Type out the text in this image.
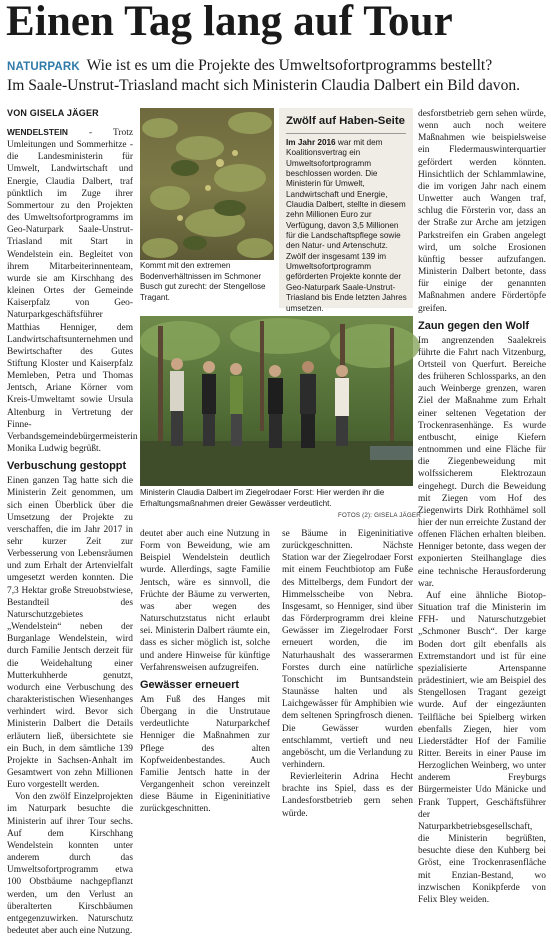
Einen Tag lang auf Tour
NATURPARK Wie ist es um die Projekte des Umweltsofortprogramms bestellt?
Im Saale-Unstrut-Triasland macht sich Ministerin Claudia Dalbert ein Bild davon.
VON GISELA JÄGER

WENDELSTEIN - Trotz Umleitungen und Sommerhitze - die Landesministerin für Umwelt, Landwirtschaft und Energie, Claudia Dalbert, traf pünktlich im Zuge ihrer Sommertour zu den Projekten des Umweltsofortprogramms im Geo-Naturpark Saale-Unstrut-Triasland mit Start in Wendelstein ein. Begleitet von ihrem Mitarbeiterinnenteam, wurde sie am Kirschhang des kleinen Ortes der Gemeinde Kaiserpfalz von Geo-Naturparkgeschäftsführer Matthias Henniger, dem Landwirtschaftsunternehmen und Bewirtschafter des Gutes Stiftung Kloster und Kaiserpfalz Memleben, Petra und Thomas Jentsch, Ariane Körner vom Kreis-Umweltamt sowie Ursula Altenburg in Vertretung der Finne-Verbandsgemeindebürgermeisterin Monika Ludwig begrüßt.

Verbuschung gestoppt

Einen ganzen Tag hatte sich die Ministerin Zeit genommen, um sich einen Überblick über die Umsetzung der Projekte zu verschaffen, die im Jahr 2017 in sehr kurzer Zeit zur Verbesserung von Lebensräumen und zum Erhalt der Artenvielfalt umgesetzt werden konnten. Die 7,3 Hektar große Streuobstwiese, Bestandteil des Naturschutzgebietes „Wendelstein“ neben der Burganlage Wendelstein, wird durch Familie Jentsch derzeit für die Weidehaltung einer Mutterkuhherde genutzt, wodurch eine Verbuschung des charakteristischen Wiesenhanges verhindert wird. Bevor sich Ministerin Dalbert die Details erläutern ließ, übersichtete sie ein Buch, in dem sämtliche 139 Projekte in Sachsen-Anhalt im Gesamtwert von zehn Millionen Euro vorgestellt werden.

Von den zwölf Einzelprojekten im Naturpark besuchte die Ministerin auf ihrer Tour sechs. Auf dem Kirschhang Wendelstein konnten unter anderem durch das Umweltsofortprogramm etwa 100 Obstbäume nachgepflanzt werden, um den Verlust an überalterten Kirschbäumen entgegenzuwirken. Naturschutz bedeutet aber auch eine Nutzung.

Kommt mit den extremen Bodenverhältnissen im Schmoner Busch gut zurecht: der Stengellose Tragant.
Zwölf auf Haben-Seite
Im Jahr 2016 war mit dem Koalitionsvertrag ein Umweltsofortprogramm beschlossen worden. Die Ministerin für Umwelt, Landwirtschaft und Energie, Claudia Dalbert, stellte in diesem zehn Millionen Euro zur Verfügung, davon 3,5 Millionen für die Landschaftspflege sowie den Natur- und Artenschutz. Zwölf der insgesamt 139 im Umweltsofortprogramm geförderten Projekte konnte der Geo-Naturpark Saale-Unstrut-Triasland bis Ende letzten Jahres umsetzen.
Ministerin Claudia Dalbert im Ziegelrodaer Forst: Hier werden ihr die Erhaltungsmaßnahmen dreier Gewässer verdeutlicht.
FOTOS (2): GISELA JÄGER

deutet aber auch eine Nutzung in Form von Beweidung, wie am Beispiel Wendelstein deutlich wurde. Allerdings, sagte Familie Jentsch, wäre es sinnvoll, die Früchte der Bäume zu verwerten, was aber wegen des Naturschutzstatus nicht erlaubt sei. Ministerin Dalbert räumte ein, dass es sicher möglich ist, solche und andere Hinweise für künftige Verfahrensweisen aufzugreifen.

Gewässer erneuert

Am Fuß des Hanges mit Übergang in die Unstrutaue verdeutlichte Naturparkchef Henniger die Maßnahmen zur Pflege des alten Kopfweidenbestandes. Auch Familie Jentsch hatte in der Vergangenheit schon vereinzelt diese Bäume in Eigeninitiative zurückgeschnitten.

se Bäume in Eigeninitiative zurückgeschnitten. Nächste Station war der Ziegelrodaer Forst mit einem Feuchtbiotop am Fuße des Mittelbergs, dem Fundort der Himmelsscheibe von Nebra. Insgesamt, so Henniger, sind über das Förderprogramm drei kleine Gewässer im Ziegelrodaer Forst erneuert worden, die im Naturhaushalt des wasserarmen Forstes durch eine natürliche Tonschicht im Buntsandstein Staunässe halten und als Laichgewässer für Amphibien wie dem seltenen Springfrosch dienen. Die Gewässer wurden entschlammt, vertieft und neu angeböscht, um die Verlandung zu verhindern.

Revierleiterin Adrina Hecht brachte ins Spiel, dass es der Landesforstbetrieb gern sehen würde.

desforstbetrieb gern sehen würde, wenn auch noch weitere Maßnahmen wie beispielsweise ein Fledermauswinterquartier gefördert werden könnten. Hinsichtlich der Schlammlawine, die im vorigen Jahr nach einem Unwetter auch Wangen traf, schlug die Försterin vor, dass an der Straße zur Arche am jetzigen Parkstreifen ein Graben angelegt wird, um solche Erosionen künftig besser aufzufangen. Ministerin Dalbert betonte, dass für einige der genannten Maßnahmen andere Fördertöpfe greifen.

Zaun gegen den Wolf

Im angrenzenden Saalekreis führte die Fahrt nach Vitzenburg, Ortsteil von Querfurt. Bereiche des früheren Schlossparks, an den auch Weinberge grenzen, waren Ziel der Maßnahme zum Erhalt einer seltenen Vegetation der Trockenrasenhänge. Es wurde entbuscht, einige Kiefern entnommen und eine Fläche für die Ziegenbeweidung mit wolfssicherem Elektrozaun eingehegt. Durch die Beweidung mit Ziegen vom Hof des Ziegenwirts Dirk Rothhämel soll hier der nun erreichte Zustand der offenen Flächen erhalten bleiben. Henniger betonte, dass wegen der exponierten Steilhanglage dies eine technische Herausforderung war.

Auf eine ähnliche Biotop-Situation traf die Ministerin im FFH- und Naturschutzgebiet „Schmoner Busch“. Der karge Boden dort gilt ebenfalls als Extremstandort und ist für eine spezialisierte Artenspanne prädestiniert, wie am Beispiel des Stengellosen Tragant gezeigt wurde. Auf der eingezäunten Teilfläche bei Spielberg wirken ebenfalls Ziegen, hier vom Liederstädter Hof der Familie Ritter. Bereits in einer Pause im Herzoglichen Weinberg, wo unter anderem Freyburgs Bürgermeister Udo Mänicke und Frank Tuppert, Geschäftsführer der Naturparkbetriebsgesellschaft, die Ministerin begrüßten, besuchte diese den Kuhberg bei Gröst, eine Trockenrasenfläche mit Enzian-Bestand, wo inzwischen Konikpferde von Felix Bley weiden.
